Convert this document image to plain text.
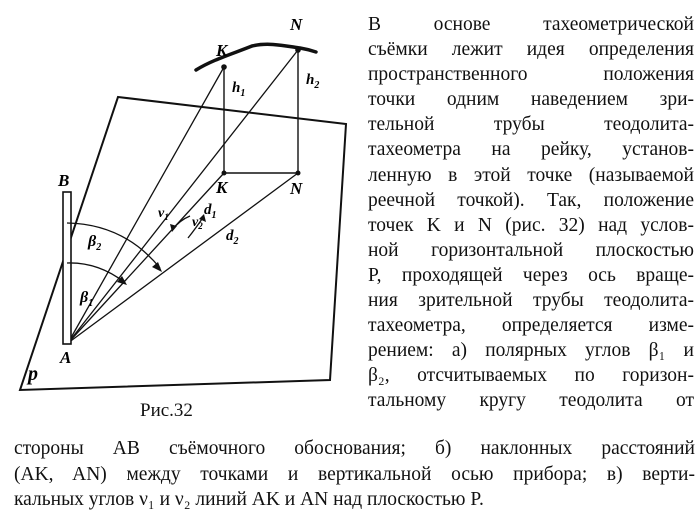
N
K
$h_1$
$h_2$
K	N
B
A
p
$v_1$ $d_1$
$v_2$
$d_2$
$\beta_2$
$\beta_1$
Рис.32
В основе тахеометрической
съёмки лежит идея определения
пространственного положения
точки одним наведением зри-
тельной трубы теодолита-
тахеометра на рейку, установ-
ленную в этой точке (называемой
реечной точкой). Так, положение
точек K и N (рис. 32) над услов-
ной горизонтальной плоскостью
P, проходящей через ось враще-
ния зрительной трубы теодолита-
тахеометра, определяется изме-
рением: а) полярных углов β₁ и
β₂, отсчитываемых по горизон-
тальному кругу теодолита от
стороны AB съёмочного обоснования; б) наклонных расстояний
(AK, AN) между точками и вертикальной осью прибора; в) верти-
кальных углов ν₁ и ν₂ линий AK и AN над плоскостью P.
